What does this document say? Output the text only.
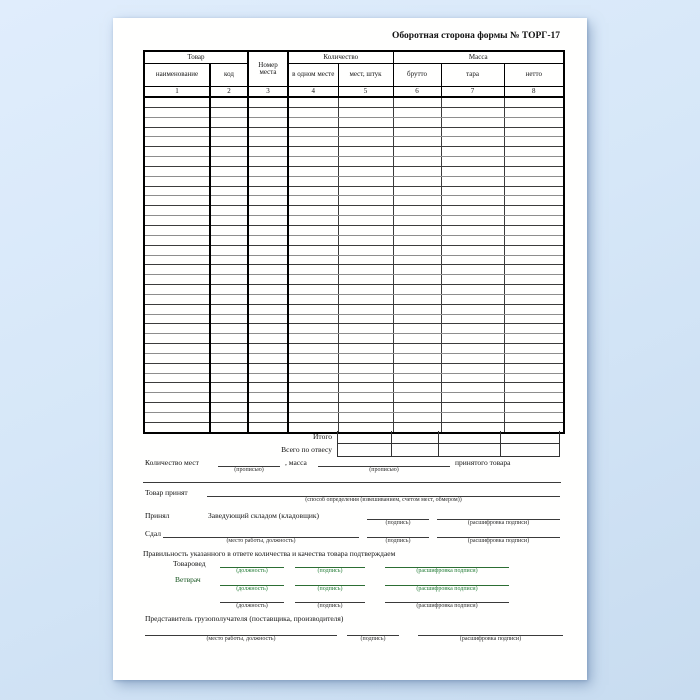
Оборотная сторона формы № ТОРГ-17
Товар		Номер места	Количество		Масса		
наименование	код		в одном месте	мест, штук	брутто	тара	нетто
1	2	3	4	5	6	7	8

Итого
Всего по отвесу
Количество мест
(прописью)
, масса
(прописью)
принятого товара
Товар принят
(способ определения (взвешиванием, счетом мест, обмером))
Принял	Заведующий складом (кладовщик)
(подпись)	(расшифровка подписи)
Сдал
(место работы, должность)	(подпись)	(расшифровка подписи)
Правильность указанного в ответе количества и качества товара подтверждаем
Товаровед
(должность)	(подпись)	(расшифровка подписи)
Ветврач
(должность)	(подпись)	(расшифровка подписи)
(должность)	(подпись)	(расшифровка подписи)
Представитель грузополучателя (поставщика, производителя)
(место работы, должность)	(подпись)	(расшифровка подписи)
